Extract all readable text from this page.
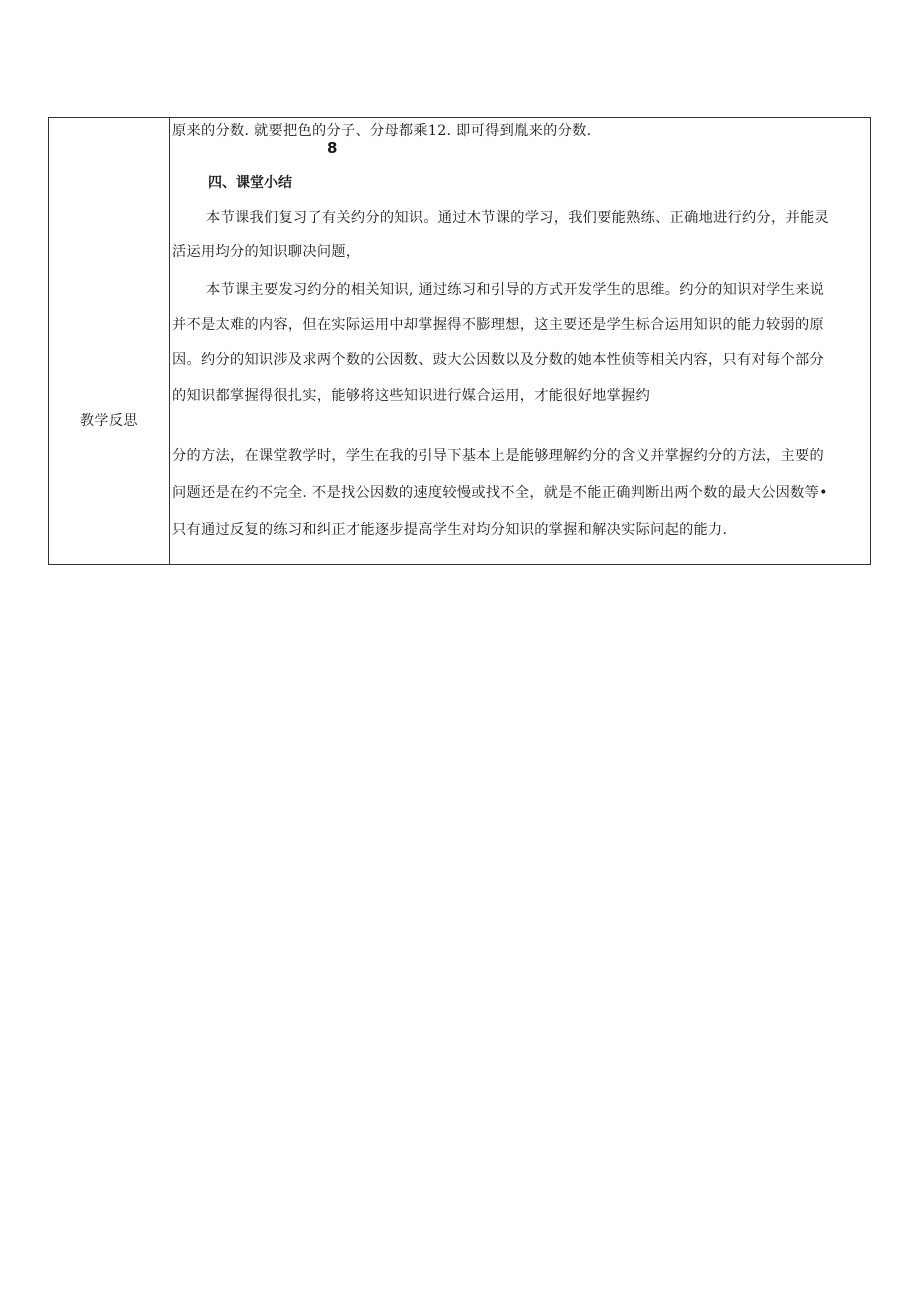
教学反思
原来的分数. 就要把色的分子、分母都乘12. 即可得到胤来的分数.
8
四、课堂小结
本节课我们复习了有关约分的知识。通过木节课的学习，我们要能熟练、正确地进行约分，并能灵
活运用均分的知识聊决问题，
本节课主要发习约分的相关知识, 通过练习和引导的方式开发学生的思维。约分的知识对学生来说
并不是太难的内容，但在实际运用中却掌握得不膨理想，这主要还是学生标合运用知识的能力较弱的原
因。约分的知识涉及求两个数的公因数、豉大公因数以及分数的她本性侦等相关内容，只有对每个部分
的知识都掌握得很扎实，能够将这些知识进行媒合运用，才能很好地掌握约
分的方法，在课堂教学时，学生在我的引导下基本上是能够理解约分的含义并掌握约分的方法，主要的
问题还是在约不完全. 不是找公因数的速度较慢或找不全，就是不能正确判断出两个数的最大公因数等•
只有通过反复的练习和纠正才能逐步提高学生对均分知识的掌握和解决实际问起的能力.
